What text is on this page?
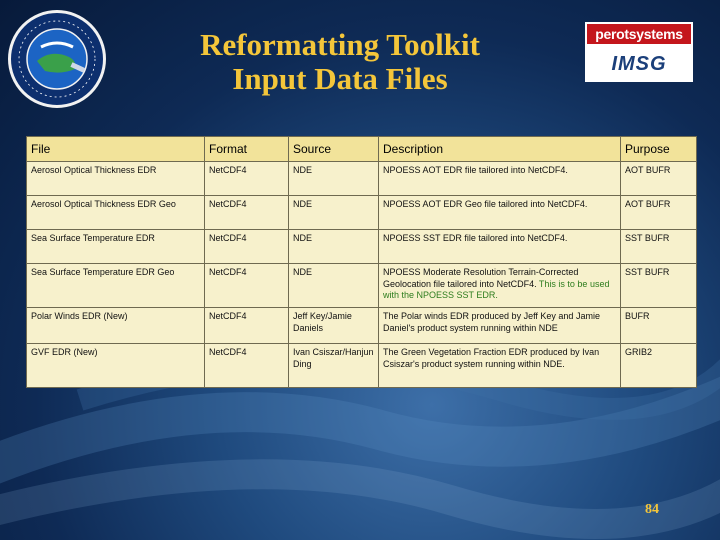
Reformatting Toolkit
Input Data Files
perotsystems
IMSG
File	Format	Source	Description	Purpose
Aerosol Optical Thickness EDR	NetCDF4	NDE	NPOESS AOT EDR file tailored into NetCDF4.	AOT BUFR
Aerosol Optical Thickness EDR Geo	NetCDF4	NDE	NPOESS AOT EDR Geo file tailored into NetCDF4.	AOT BUFR
Sea Surface Temperature EDR	NetCDF4	NDE	NPOESS SST EDR file tailored into NetCDF4.	SST BUFR
Sea Surface Temperature EDR Geo	NetCDF4	NDE	NPOESS Moderate Resolution Terrain-Corrected Geolocation file tailored into NetCDF4. This is to be used with the NPOESS SST EDR.	SST BUFR
Polar Winds EDR (New)	NetCDF4	Jeff Key/Jamie Daniels	The Polar winds EDR produced by Jeff Key and Jamie Daniel's product system running within NDE	BUFR
GVF EDR (New)	NetCDF4	Ivan Csiszar/Hanjun Ding	The Green Vegetation Fraction EDR produced by Ivan Csiszar's product system running within NDE.	GRIB2
84
